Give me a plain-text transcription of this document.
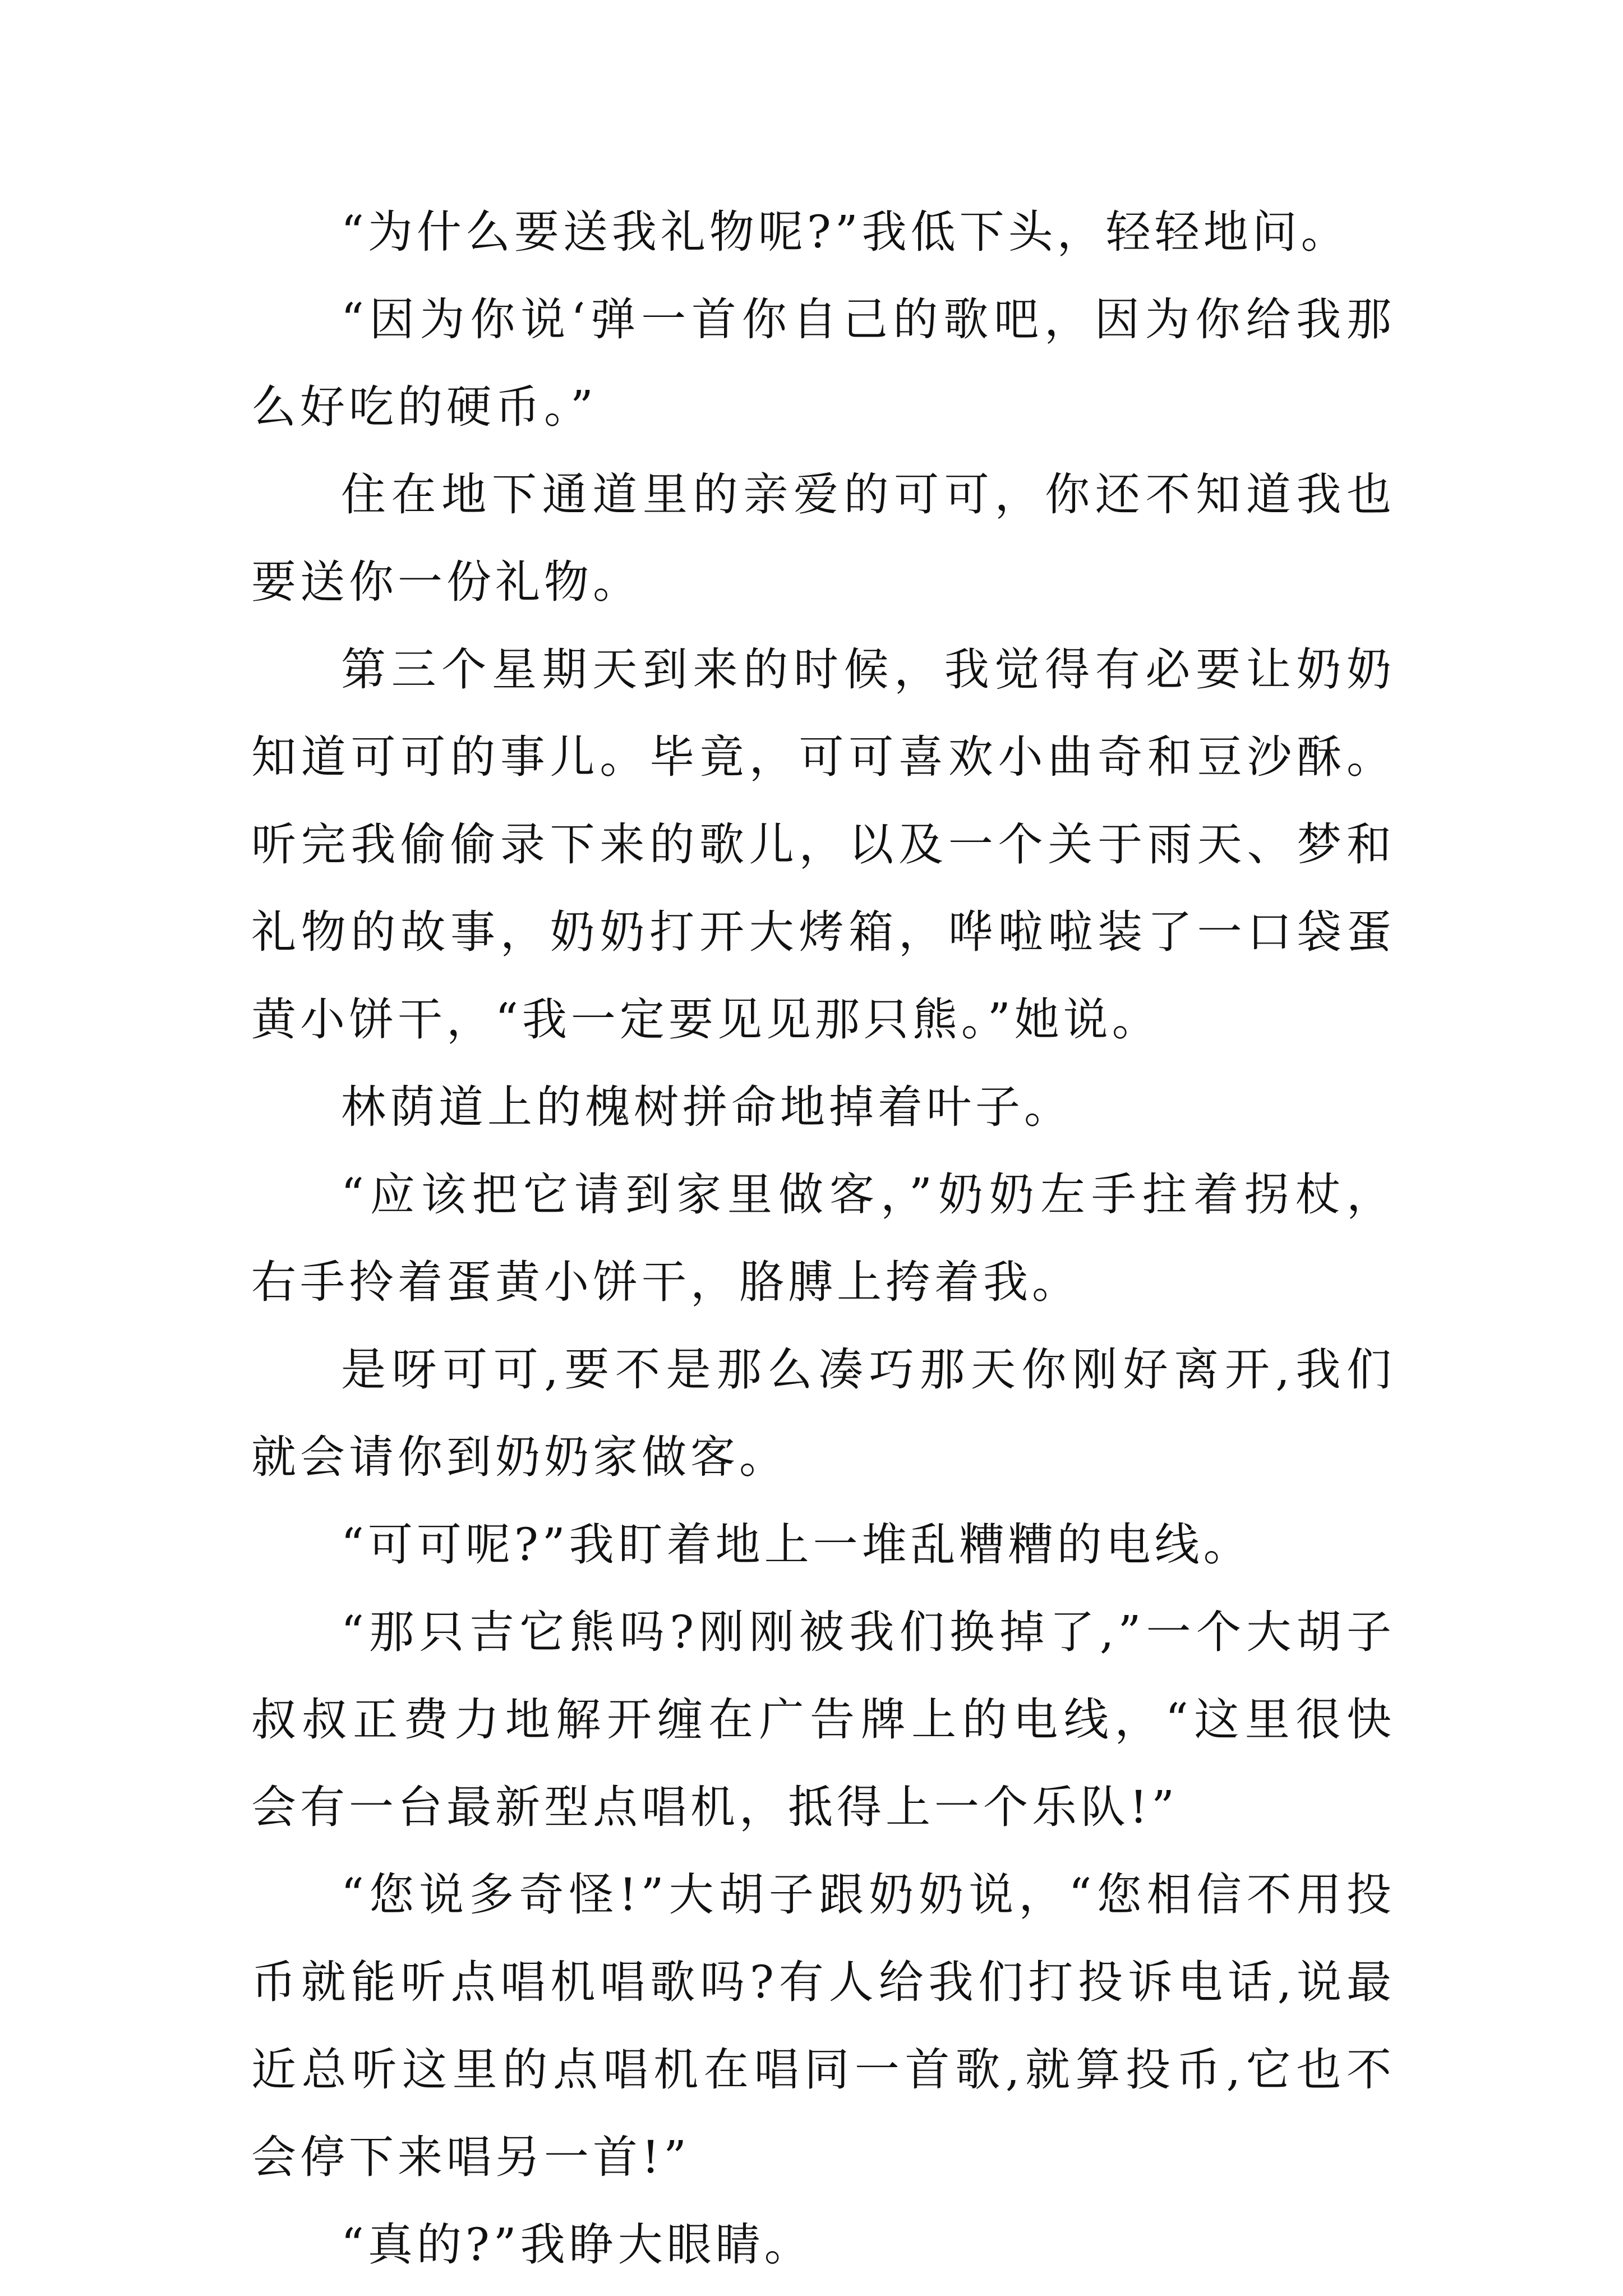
“为什么要送我礼物呢?”我低下头，轻轻地问。

“因为你说‘弹一首你自己的歌吧，因为你给我那么好吃的硬币。”

住在地下通道里的亲爱的可可，你还不知道我也要送你一份礼物。

第三个星期天到来的时候，我觉得有必要让奶奶知道可可的事儿。毕竟，可可喜欢小曲奇和豆沙酥。听完我偷偷录下来的歌儿，以及一个关于雨天、梦和礼物的故事，奶奶打开大烤箱，哗啦啦装了一口袋蛋黄小饼干，“我一定要见见那只熊。”她说。

林荫道上的槐树拼命地掉着叶子。

“应该把它请到家里做客，”奶奶左手拄着拐杖，右手拎着蛋黄小饼干，胳膊上挎着我。

是呀可可,要不是那么凑巧那天你刚好离开,我们就会请你到奶奶家做客。

“可可呢?”我盯着地上一堆乱糟糟的电线。

“那只吉它熊吗?刚刚被我们换掉了,”一个大胡子叔叔正费力地解开缠在广告牌上的电线，“这里很快会有一台最新型点唱机，抵得上一个乐队!”

“您说多奇怪!”大胡子跟奶奶说，“您相信不用投币就能听点唱机唱歌吗?有人给我们打投诉电话,说最近总听这里的点唱机在唱同一首歌,就算投币,它也不会停下来唱另一首!”

“真的?”我睁大眼睛。
